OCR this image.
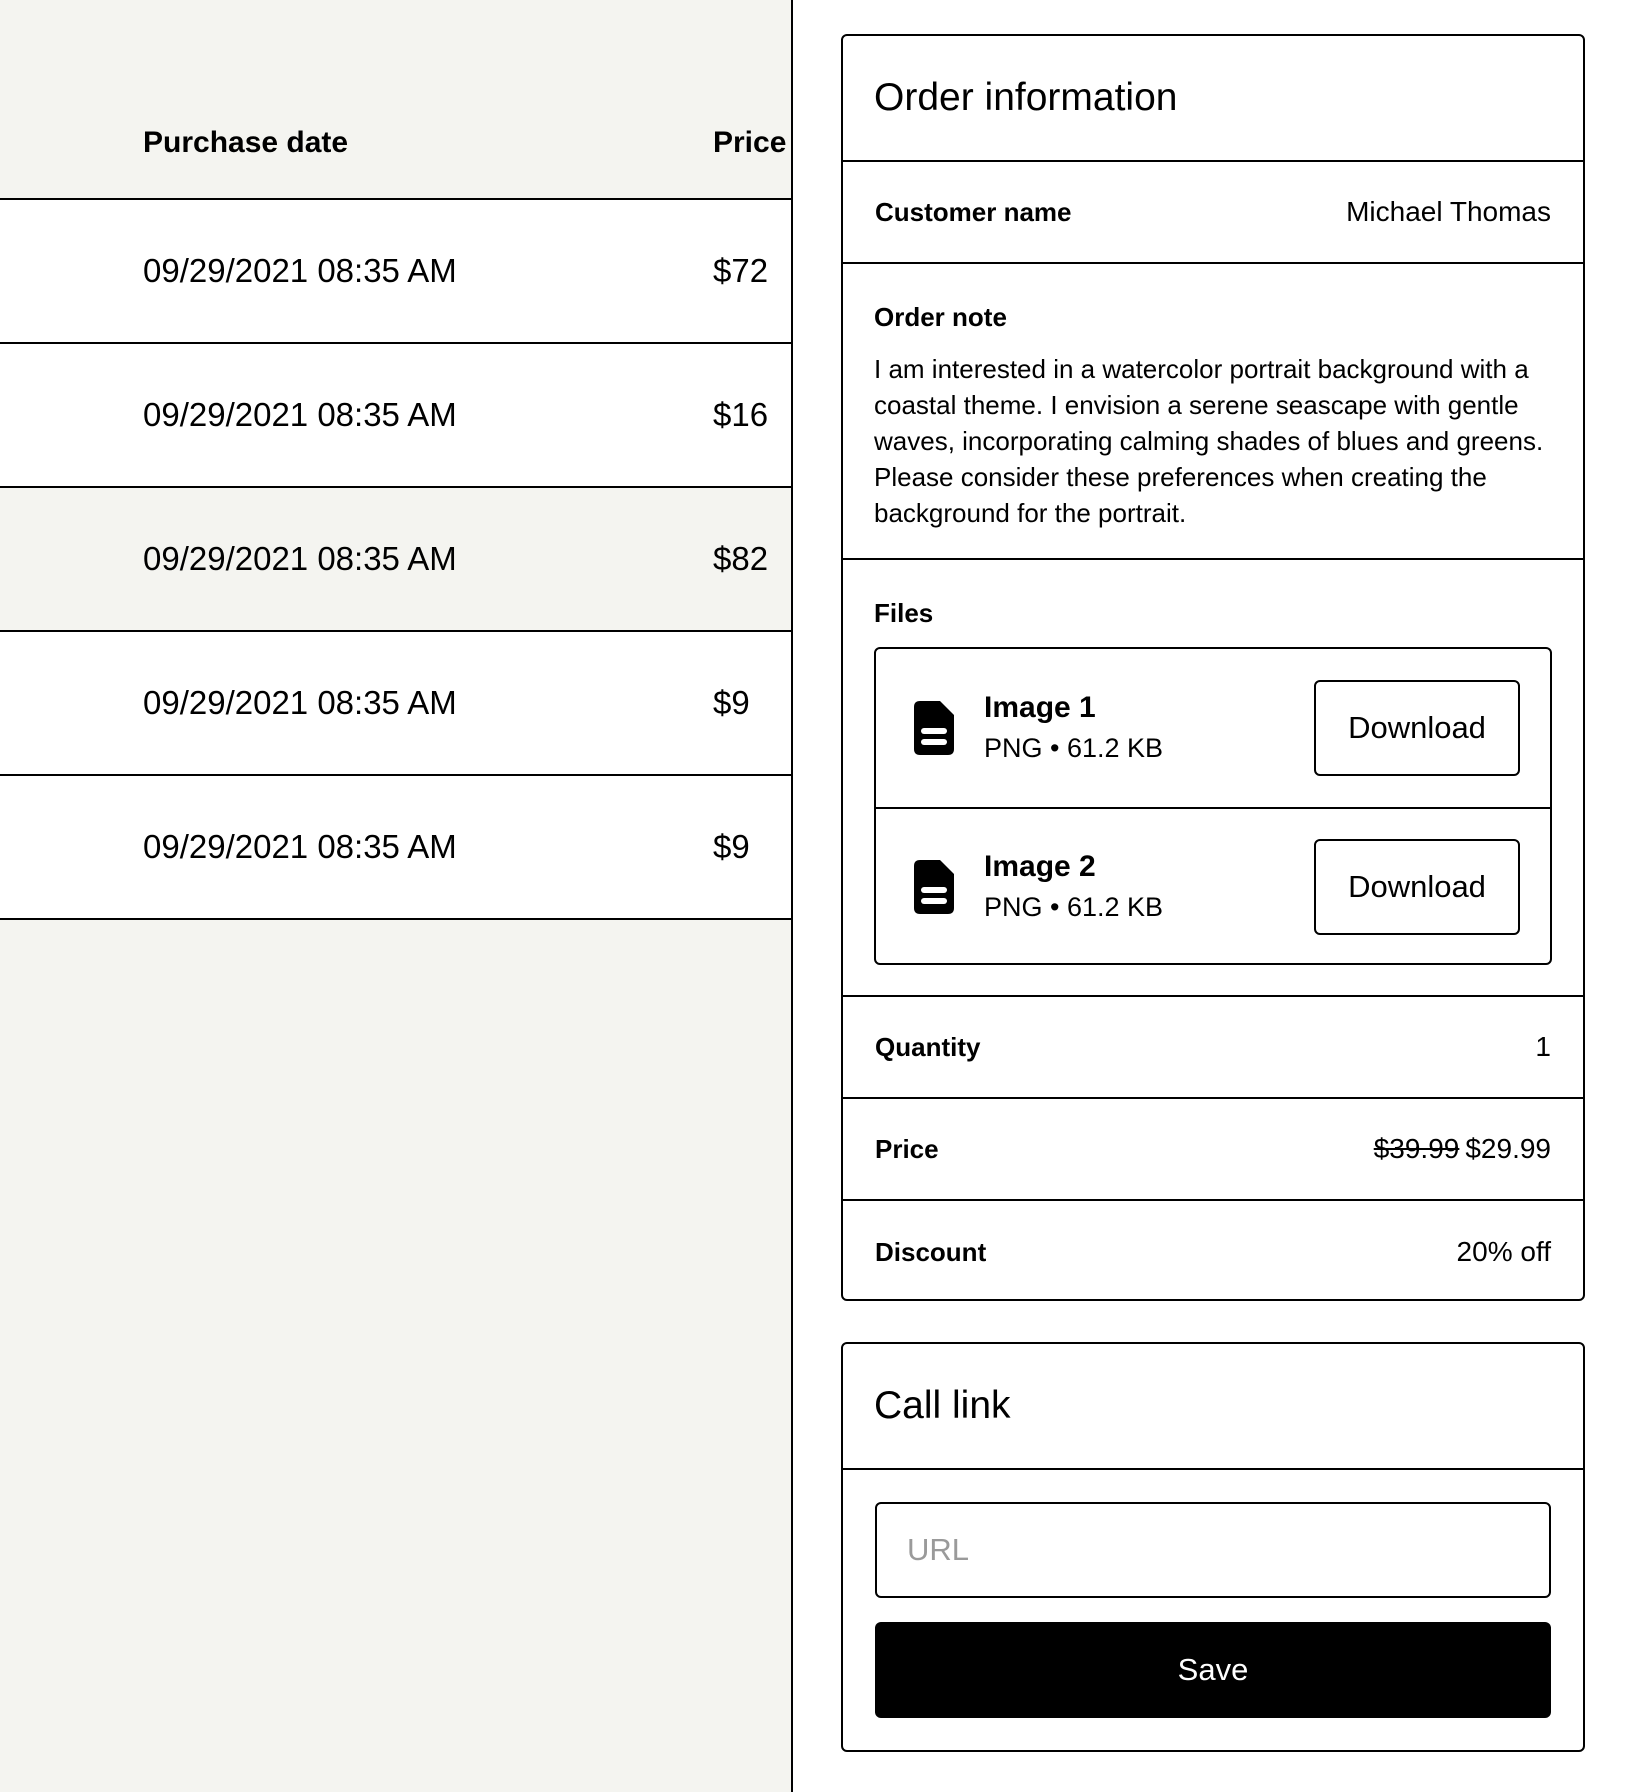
Purchase date	Price
09/29/2021 08:35 AM	$72
09/29/2021 08:35 AM	$16
09/29/2021 08:35 AM	$82
09/29/2021 08:35 AM	$9
09/29/2021 08:35 AM	$9
Order information
Customer name	Michael Thomas
Order note

I am interested in a watercolor portrait background with a coastal theme. I envision a serene seascape with gentle waves, incorporating calming shades of blues and greens. Please consider these preferences when creating the background for the portrait.

Files
Image 1
PNG • 61.2 KB
Download
Image 2
PNG • 61.2 KB
Download
Quantity	1
Price	$39.99 $29.99
Discount	20% off
Call link
URL
Save
